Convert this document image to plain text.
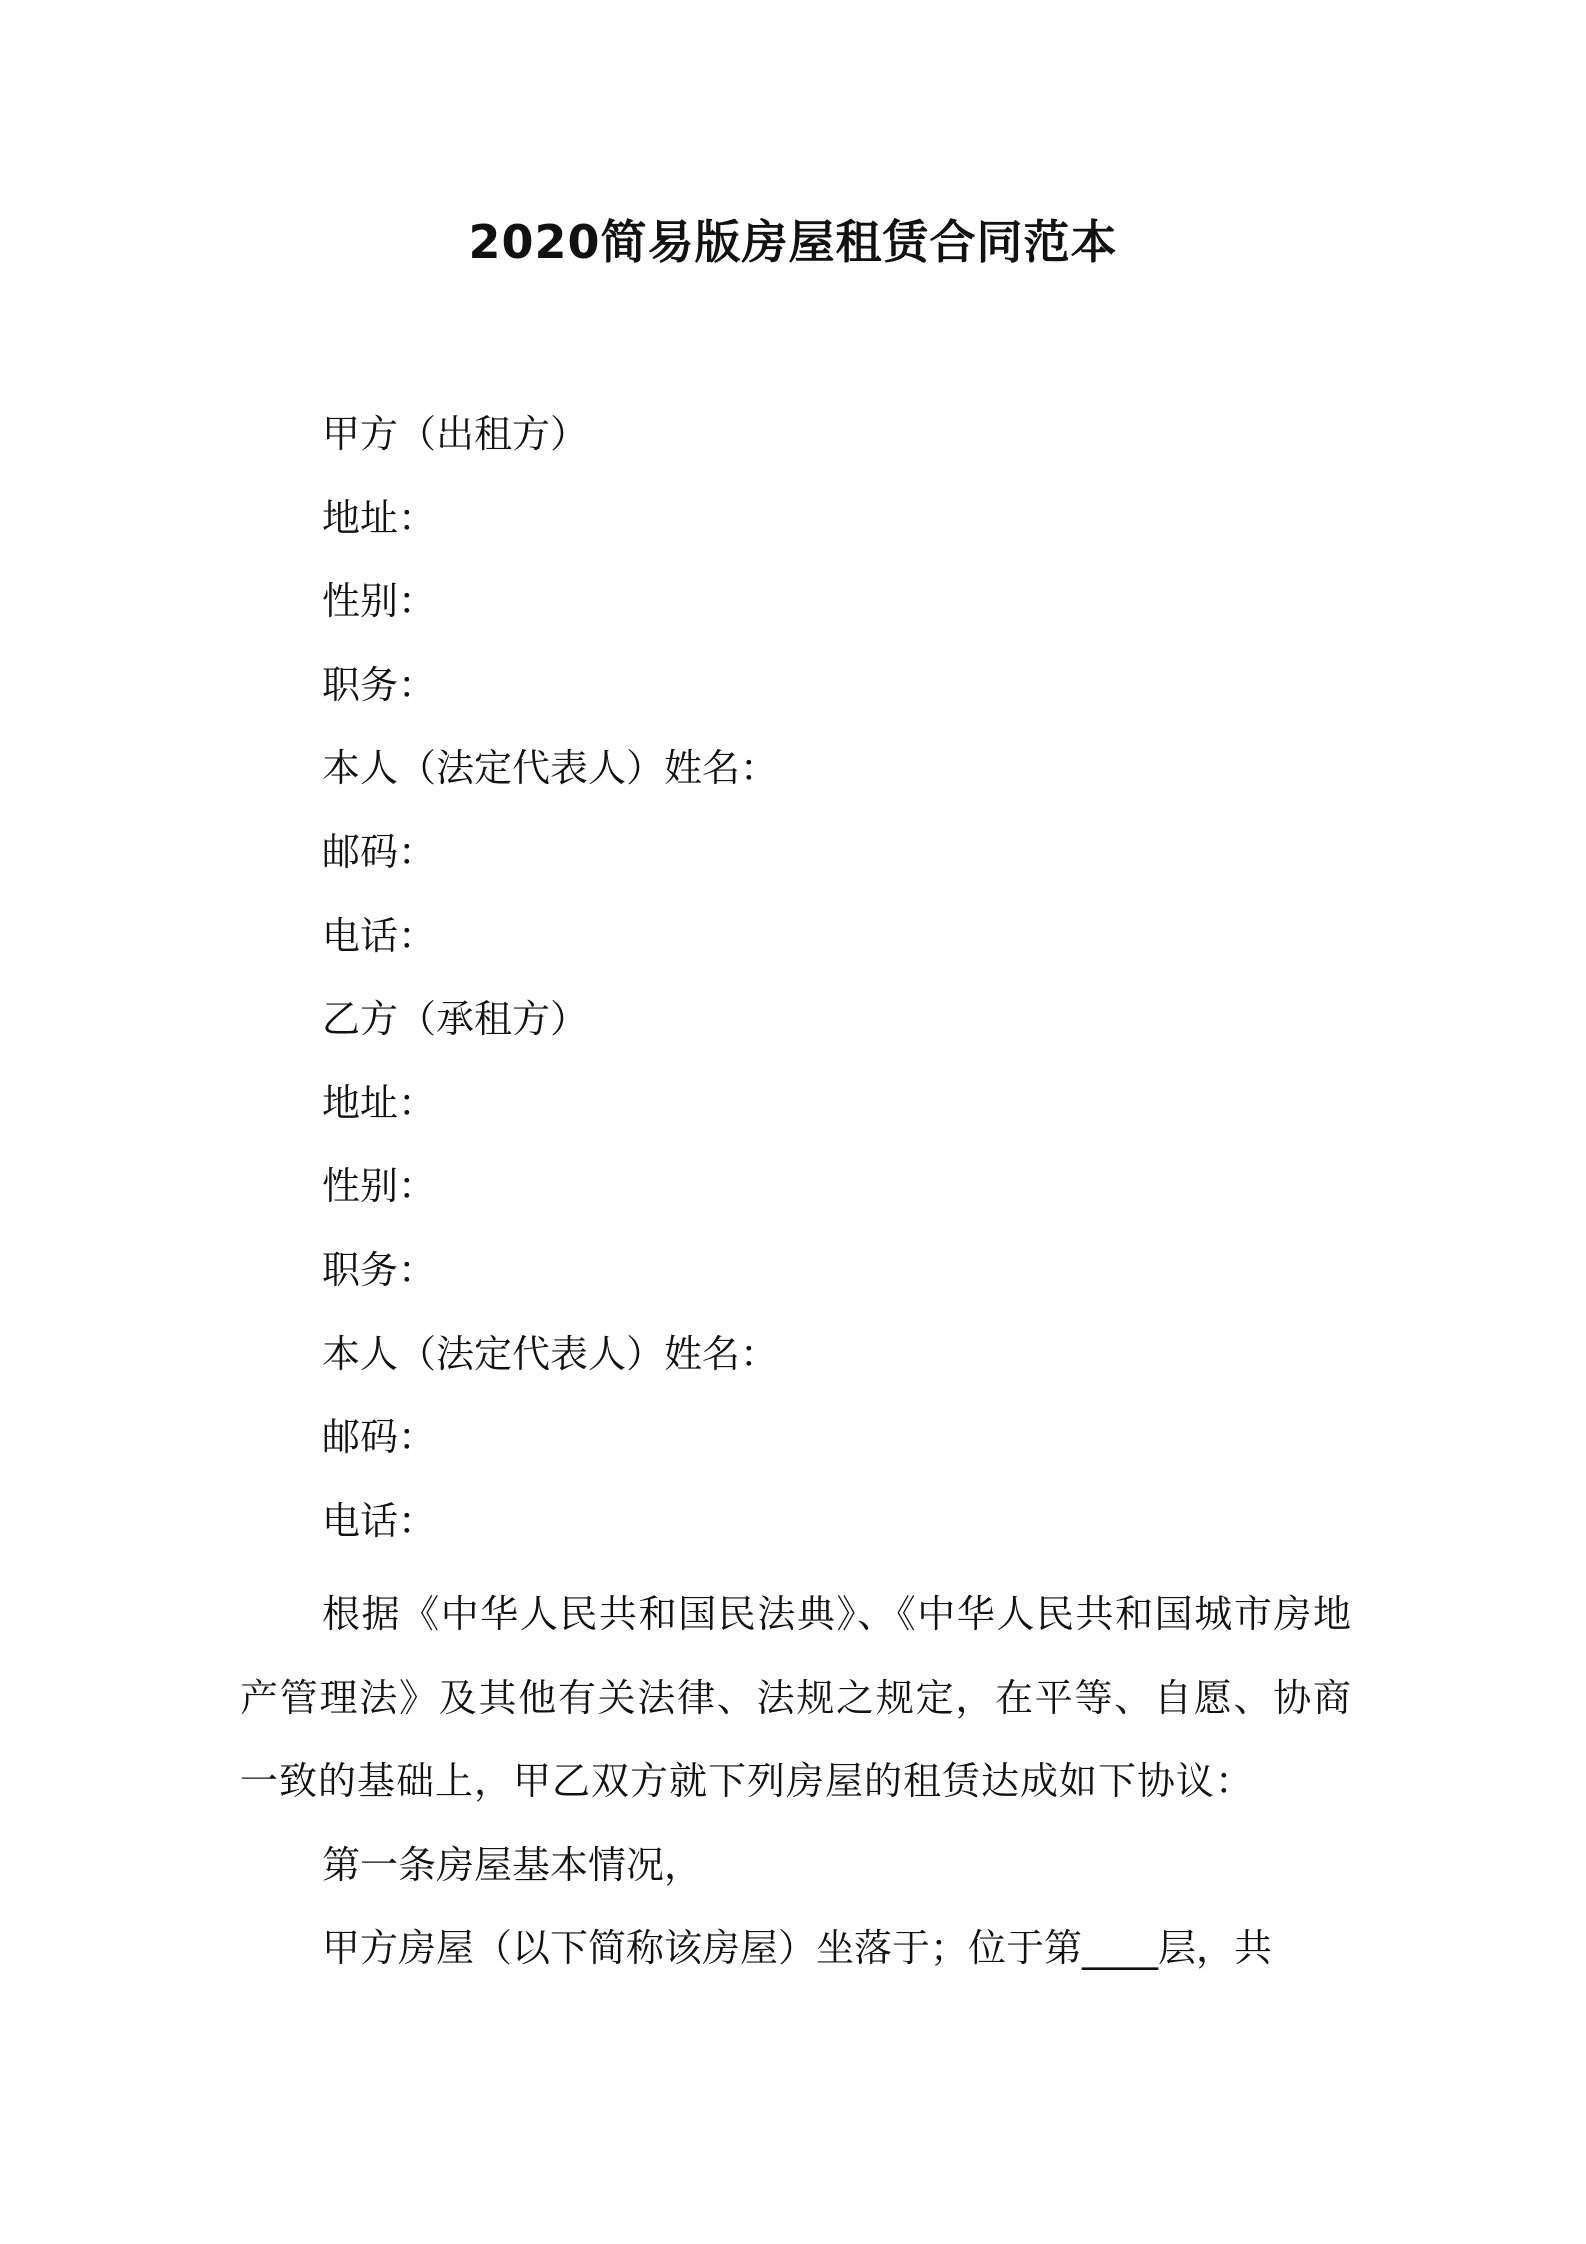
2020简易版房屋租赁合同范本
甲方（出租方）
地址：
性别：
职务：
本人（法定代表人）姓名：
邮码：
电话：
乙方（承租方）
地址：
性别：
职务：
本人（法定代表人）姓名：
邮码：
电话：

根据《中华人民共和国民法典》、《中华人民共和国城市房地产管理法》及其他有关法律、法规之规定，在平等、自愿、协商一致的基础上，甲乙双方就下列房屋的租赁达成如下协议：

第一条房屋基本情况，

甲方房屋（以下简称该房屋）坐落于；位于第____层，共
